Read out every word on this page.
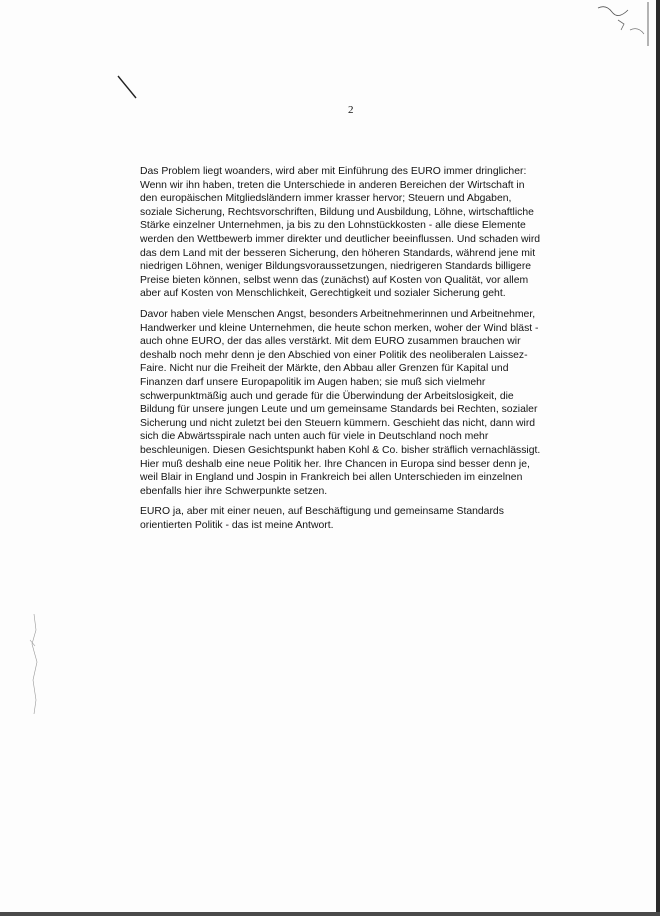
2
Das Problem liegt woanders, wird aber mit Einführung des EURO immer dringlicher:
Wenn wir ihn haben, treten die Unterschiede in anderen Bereichen der Wirtschaft in
den europäischen Mitgliedsländern immer krasser hervor; Steuern und Abgaben,
soziale Sicherung, Rechtsvorschriften, Bildung und Ausbildung, Löhne, wirtschaftliche
Stärke einzelner Unternehmen, ja bis zu den Lohnstückkosten - alle diese Elemente
werden den Wettbewerb immer direkter und deutlicher beeinflussen. Und schaden wird
das dem Land mit der besseren Sicherung, den höheren Standards, während jene mit
niedrigen Löhnen, weniger Bildungsvoraussetzungen, niedrigeren Standards billigere
Preise bieten können, selbst wenn das (zunächst) auf Kosten von Qualität, vor allem
aber auf Kosten von Menschlichkeit, Gerechtigkeit und sozialer Sicherung geht.
Davor haben viele Menschen Angst, besonders Arbeitnehmerinnen und Arbeitnehmer,
Handwerker und kleine Unternehmen, die heute schon merken, woher der Wind bläst -
auch ohne EURO, der das alles verstärkt. Mit dem EURO zusammen brauchen wir
deshalb noch mehr denn je den Abschied von einer Politik des neoliberalen Laissez-
Faire. Nicht nur die Freiheit der Märkte, den Abbau aller Grenzen für Kapital und
Finanzen darf unsere Europapolitik im Augen haben; sie muß sich vielmehr
schwerpunktmäßig auch und gerade für die Überwindung der Arbeitslosigkeit, die
Bildung für unsere jungen Leute und um gemeinsame Standards bei Rechten, sozialer
Sicherung und nicht zuletzt bei den Steuern kümmern. Geschieht das nicht, dann wird
sich die Abwärtsspirale nach unten auch für viele in Deutschland noch mehr
beschleunigen. Diesen Gesichtspunkt haben Kohl & Co. bisher sträflich vernachlässigt.
Hier muß deshalb eine neue Politik her. Ihre Chancen in Europa sind besser denn je,
weil Blair in England und Jospin in Frankreich bei allen Unterschieden im einzelnen
ebenfalls hier ihre Schwerpunkte setzen.
EURO ja, aber mit einer neuen, auf Beschäftigung und gemeinsame Standards
orientierten Politik - das ist meine Antwort.
